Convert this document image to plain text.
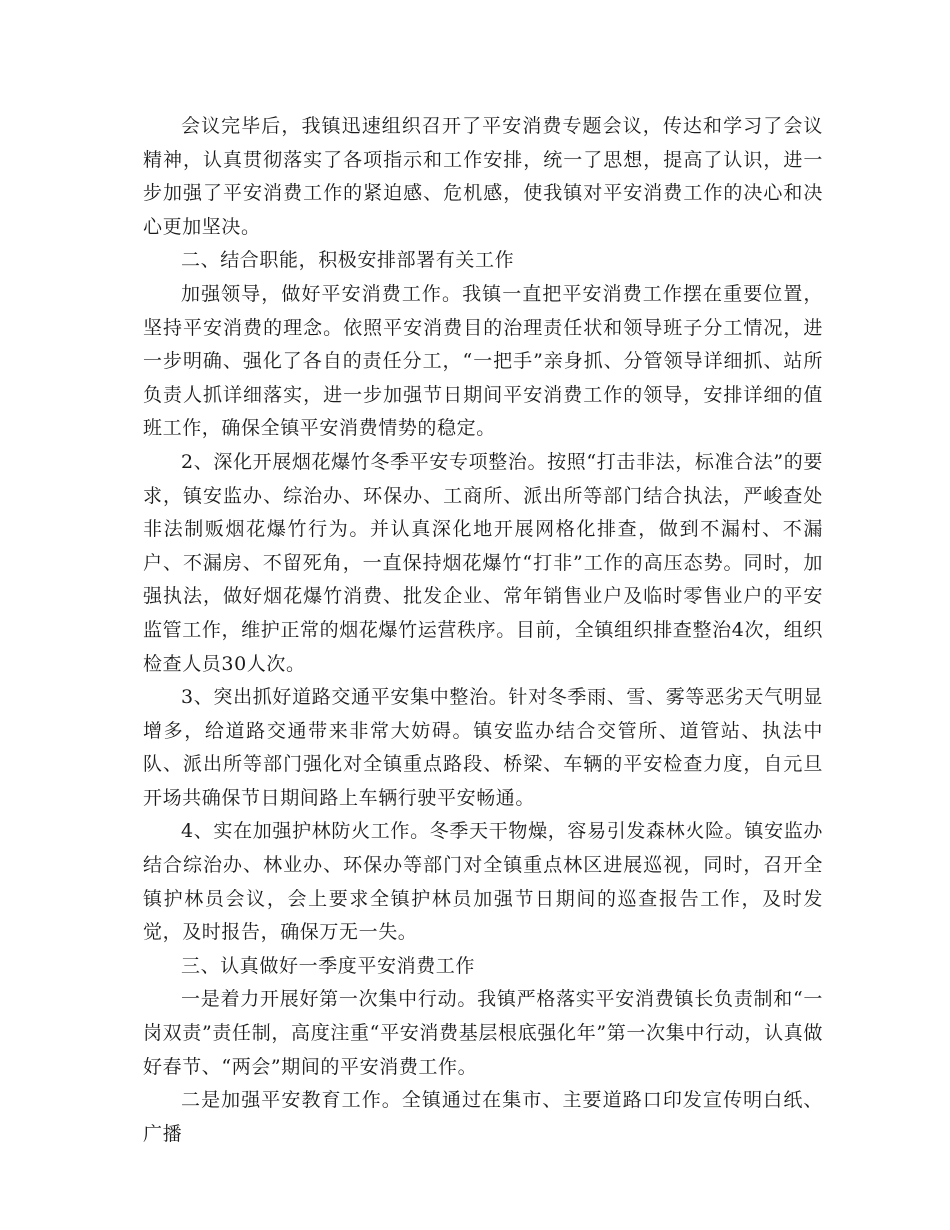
会议完毕后，我镇迅速组织召开了平安消费专题会议，传达和学习了会议精神，认真贯彻落实了各项指示和工作安排，统一了思想，提高了认识，进一步加强了平安消费工作的紧迫感、危机感，使我镇对平安消费工作的决心和决心更加坚决。

二、结合职能，积极安排部署有关工作

加强领导，做好平安消费工作。我镇一直把平安消费工作摆在重要位置，坚持平安消费的理念。依照平安消费目的治理责任状和领导班子分工情况，进一步明确、强化了各自的责任分工，“一把手”亲身抓、分管领导详细抓、站所负责人抓详细落实，进一步加强节日期间平安消费工作的领导，安排详细的值班工作，确保全镇平安消费情势的稳定。

2、深化开展烟花爆竹冬季平安专项整治。按照“打击非法，标准合法”的要求，镇安监办、综治办、环保办、工商所、派出所等部门结合执法，严峻查处非法制贩烟花爆竹行为。并认真深化地开展网格化排查，做到不漏村、不漏户、不漏房、不留死角，一直保持烟花爆竹“打非”工作的高压态势。同时，加强执法，做好烟花爆竹消费、批发企业、常年销售业户及临时零售业户的平安监管工作，维护正常的烟花爆竹运营秩序。目前，全镇组织排查整治4次，组织检查人员30人次。

3、突出抓好道路交通平安集中整治。针对冬季雨、雪、雾等恶劣天气明显增多，给道路交通带来非常大妨碍。镇安监办结合交管所、道管站、执法中队、派出所等部门强化对全镇重点路段、桥梁、车辆的平安检查力度，自元旦开场共确保节日期间路上车辆行驶平安畅通。

4、实在加强护林防火工作。冬季天干物燥，容易引发森林火险。镇安监办结合综治办、林业办、环保办等部门对全镇重点林区进展巡视，同时，召开全镇护林员会议，会上要求全镇护林员加强节日期间的巡查报告工作，及时发觉，及时报告，确保万无一失。

三、认真做好一季度平安消费工作

一是着力开展好第一次集中行动。我镇严格落实平安消费镇长负责制和“一岗双责”责任制，高度注重“平安消费基层根底强化年”第一次集中行动，认真做好春节、“两会”期间的平安消费工作。

二是加强平安教育工作。全镇通过在集市、主要道路口印发宣传明白纸、广播
